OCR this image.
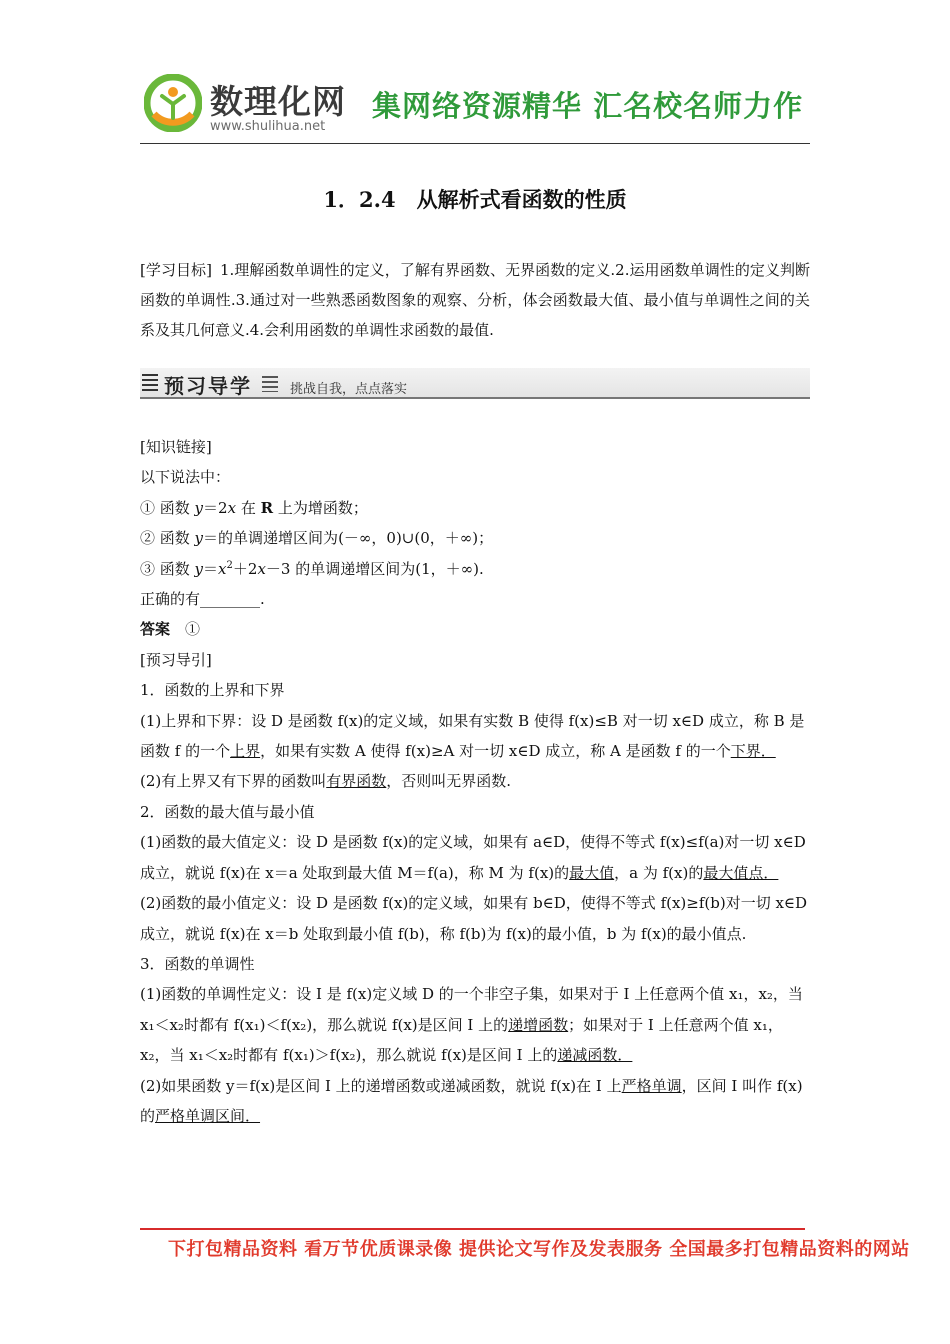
数理化网
www.shulihua.net
集网络资源精华 汇名校名师力作
1．2.4　从解析式看函数的性质
[学习目标] 1.理解函数单调性的定义，了解有界函数、无界函数的定义.2.运用函数单调性的定义判断函数的单调性.3.通过对一些熟悉函数图象的观察、分析，体会函数最大值、最小值与单调性之间的关系及其几何意义.4.会利用函数的单调性求函数的最值.
预习导学	挑战自我，点点落实

[知识链接]

以下说法中：

① 函数 y＝2x 在 R 上为增函数；

② 函数 y＝的单调递增区间为(－∞，0)∪(0，＋∞)；

③ 函数 $y=x^2+2x-3$ 的单调递增区间为(1，＋∞).

正确的有________.

答案　 ①

[预习导引]

1．函数的上界和下界

(1)上界和下界：设 D 是函数 f(x)的定义域，如果有实数 B 使得 f(x)≤B 对一切 x∈D 成立，称 B 是函数 f 的一个上界，如果有实数 A 使得 f(x)≥A 对一切 x∈D 成立，称 A 是函数 f 的一个下界．

(2)有上界又有下界的函数叫有界函数，否则叫无界函数.

2．函数的最大值与最小值

(1)函数的最大值定义：设 D 是函数 f(x)的定义域，如果有 a∈D，使得不等式 f(x)≤f(a)对一切 x∈D 成立，就说 f(x)在 x＝a 处取到最大值 M＝f(a)，称 M 为 f(x)的最大值，a 为 f(x)的最大值点．

(2)函数的最小值定义：设 D 是函数 f(x)的定义域，如果有 b∈D，使得不等式 f(x)≥f(b)对一切 x∈D 成立，就说 f(x)在 x＝b 处取到最小值 f(b)，称 f(b)为 f(x)的最小值，b 为 f(x)的最小值点.

3．函数的单调性

(1)函数的单调性定义：设 I 是 f(x)定义域 D 的一个非空子集，如果对于 I 上任意两个值 x₁，x₂，当 x₁＜x₂时都有 f(x₁)＜f(x₂)，那么就说 f(x)是区间 I 上的递增函数；如果对于 I 上任意两个值 x₁，x₂，当 x₁＜x₂时都有 f(x₁)＞f(x₂)，那么就说 f(x)是区间 I 上的递减函数．

(2)如果函数 y＝f(x)是区间 I 上的递增函数或递减函数，就说 f(x)在 I 上严格单调，区间 I 叫作 f(x)的严格单调区间．

下打包精品资料 看万节优质课录像 提供论文写作及发表服务 全国最多打包精品资料的网站
